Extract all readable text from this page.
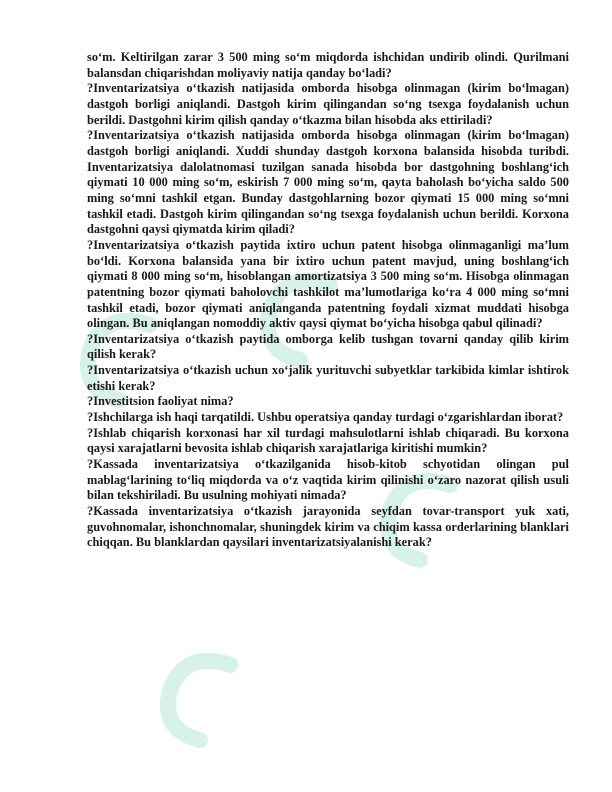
so‘m. Keltirilgan zarar 3 500 ming so‘m miqdorda ishchidan undirib olindi. Qurilmani balansdan chiqarishdan moliyaviy natija qanday bo‘ladi?

?Inventarizatsiya o‘tkazish natijasida omborda hisobga olinmagan (kirim bo‘lmagan) dastgoh borligi aniqlandi. Dastgoh kirim qilingandan so‘ng tsexga foydalanish uchun berildi. Dastgohni kirim qilish qanday o‘tkazma bilan hisobda aks ettiriladi?

?Inventarizatsiya o‘tkazish natijasida omborda hisobga olinmagan (kirim bo‘lmagan) dastgoh borligi aniqlandi. Xuddi shunday dastgoh korxona balansida hisobda turibdi. Inventarizatsiya dalolatnomasi tuzilgan sanada hisobda bor dastgohning boshlang‘ich qiymati 10 000 ming so‘m, eskirish 7 000 ming so‘m, qayta baholash bo‘yicha saldo 500 ming so‘mni tashkil etgan. Bunday dastgohlarning bozor qiymati 15 000 ming so‘mni tashkil etadi. Dastgoh kirim qilingandan so‘ng tsexga foydalanish uchun berildi. Korxona dastgohni qaysi qiymatda kirim qiladi?

?Inventarizatsiya o‘tkazish paytida ixtiro uchun patent hisobga olinmaganligi ma’lum bo‘ldi. Korxona balansida yana bir ixtiro uchun patent mavjud, uning boshlang‘ich qiymati 8 000 ming so‘m, hisoblangan amortizatsiya 3 500 ming so‘m. Hisobga olinmagan patentning bozor qiymati baholovchi tashkilot ma’lumotlariga ko‘ra 4 000 ming so‘mni tashkil etadi, bozor qiymati aniqlanganda patentning foydali xizmat muddati hisobga olingan. Bu aniqlangan nomoddiy aktiv qaysi qiymat bo‘yicha hisobga qabul qilinadi?

?Inventarizatsiya o‘tkazish paytida omborga kelib tushgan tovarni qanday qilib kirim qilish kerak?

?Inventarizatsiya o‘tkazish uchun xo‘jalik yurituvchi subyetklar tarkibida kimlar ishtirok etishi kerak?

?Investitsion faoliyat nima?

?Ishchilarga ish haqi tarqatildi. Ushbu operatsiya qanday turdagi o‘zgarishlardan iborat?

?Ishlab chiqarish korxonasi har xil turdagi mahsulotlarni ishlab chiqaradi. Bu korxona qaysi xarajatlarni bevosita ishlab chiqarish xarajatlariga kiritishi mumkin?

?Kassada inventarizatsiya o‘tkazilganida hisob-kitob schyotidan olingan pul mablag‘larining to‘liq miqdorda va o‘z vaqtida kirim qilinishi o‘zaro nazorat qilish usuli bilan tekshiriladi. Bu usulning mohiyati nimada?

?Kassada inventarizatsiya o‘tkazish jarayonida seyfdan tovar-transport yuk xati, guvohnomalar, ishonchnomalar, shuningdek kirim va chiqim kassa orderlarining blanklari chiqqan. Bu blanklardan qaysilari inventarizatsiyalanishi kerak?
